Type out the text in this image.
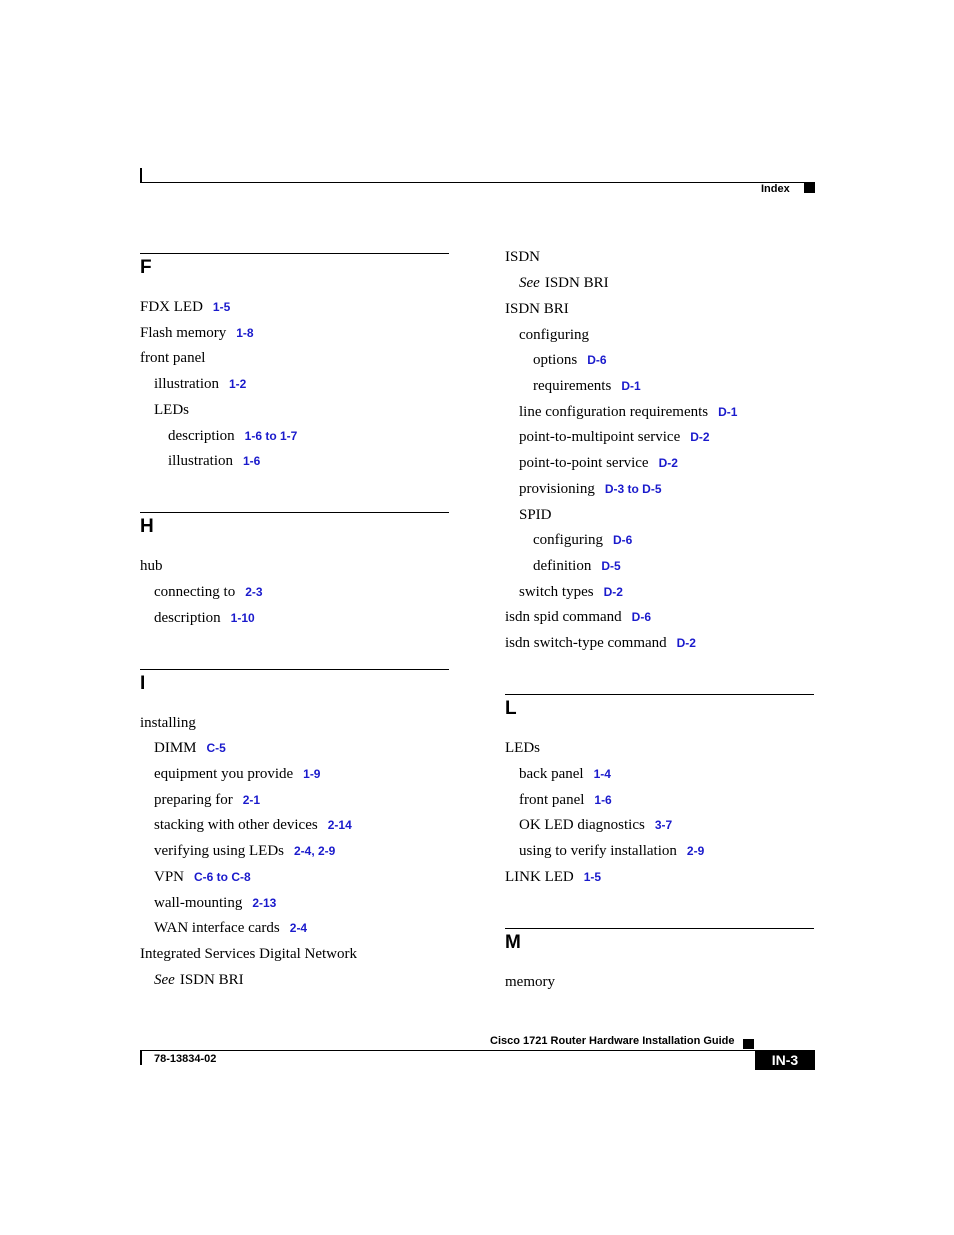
Index
F
FDX LED 1-5
Flash memory 1-8
front panel
illustration 1-2
LEDs
description 1-6 to 1-7
illustration 1-6
H
hub
connecting to 2-3
description 1-10
I
installing
DIMM C-5
equipment you provide 1-9
preparing for 2-1
stacking with other devices 2-14
verifying using LEDs 2-4, 2-9
VPN C-6 to C-8
wall-mounting 2-13
WAN interface cards 2-4
Integrated Services Digital Network
See ISDN BRI
ISDN
See ISDN BRI
ISDN BRI
configuring
options D-6
requirements D-1
line configuration requirements D-1
point-to-multipoint service D-2
point-to-point service D-2
provisioning D-3 to D-5
SPID
configuring D-6
definition D-5
switch types D-2
isdn spid command D-6
isdn switch-type command D-2
L
LEDs
back panel 1-4
front panel 1-6
OK LED diagnostics 3-7
using to verify installation 2-9
LINK LED 1-5
M
memory
Cisco 1721 Router Hardware Installation Guide
78-13834-02	IN-3
